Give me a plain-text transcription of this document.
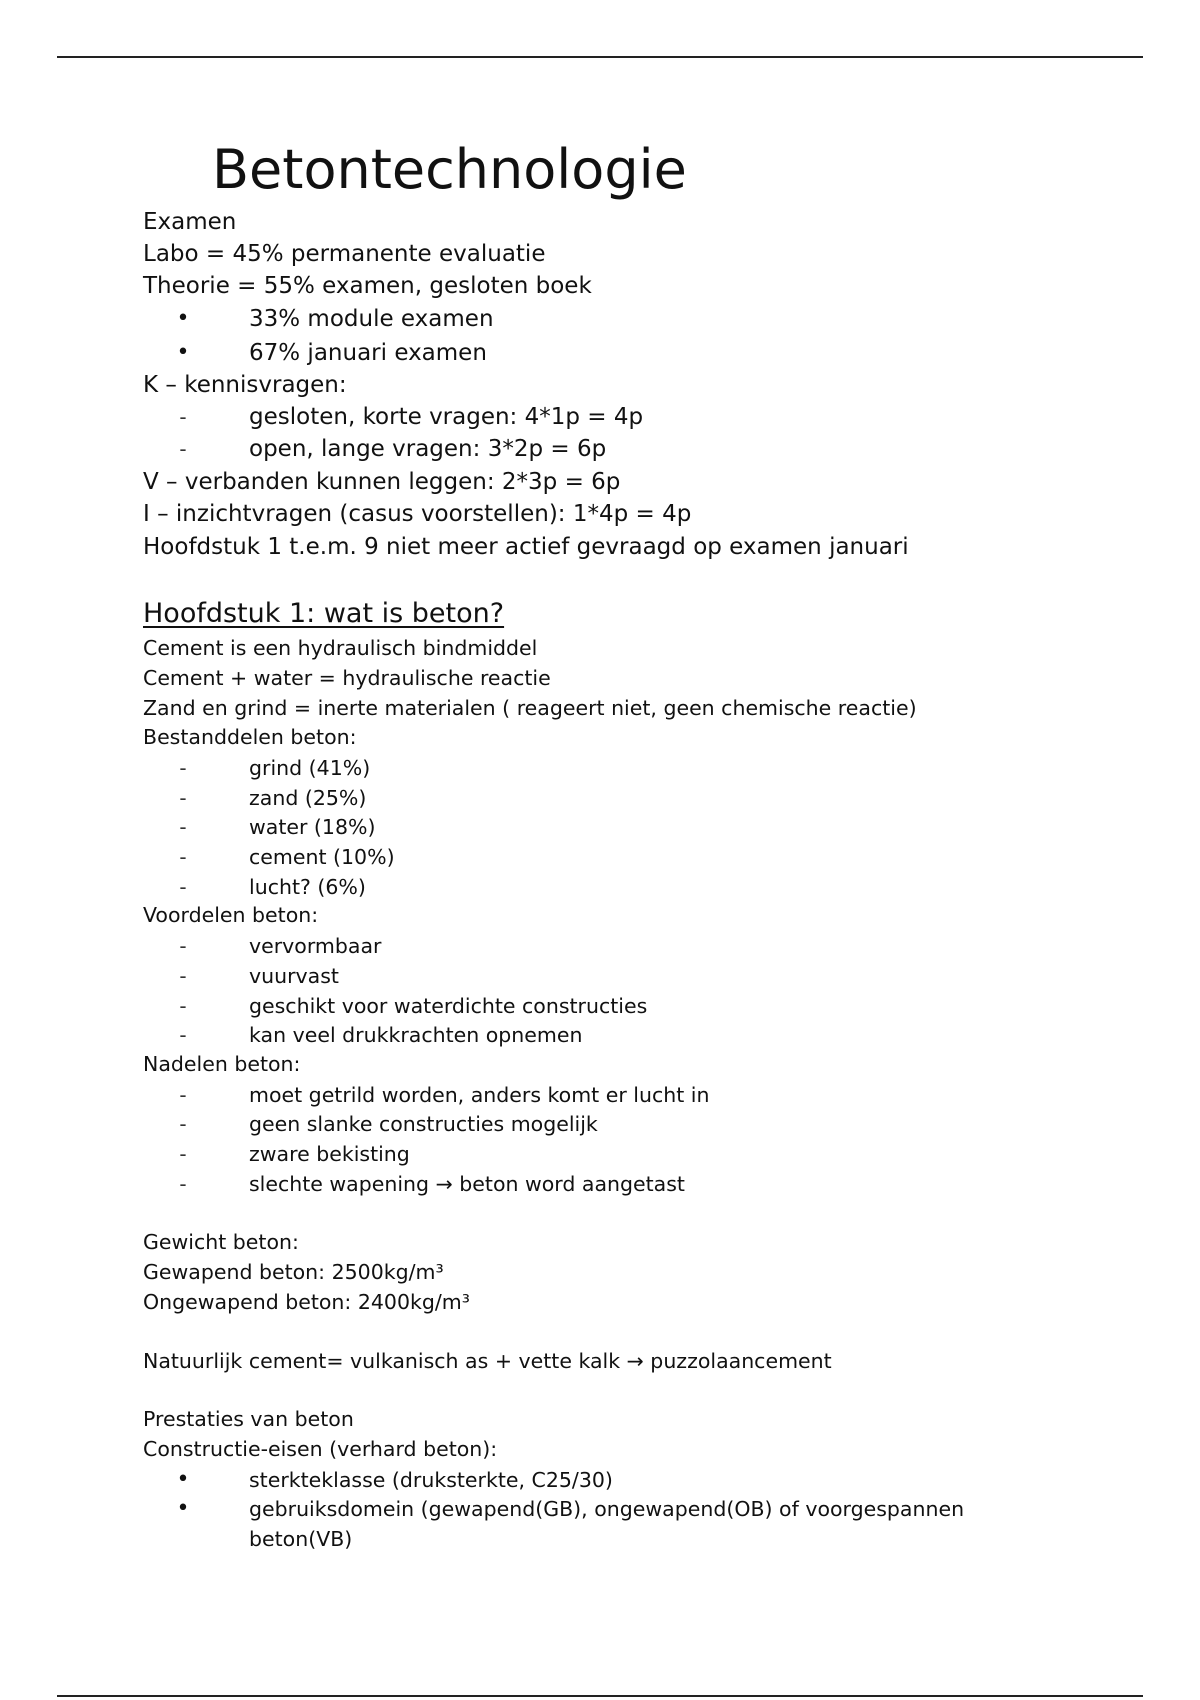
Betontechnologie
Examen
Labo = 45% permanente evaluatie
Theorie = 55% examen, gesloten boek
•	33% module examen
•	67% januari examen
K – kennisvragen:
-	gesloten, korte vragen: 4*1p = 4p
-	open, lange vragen: 3*2p = 6p
V – verbanden kunnen leggen: 2*3p = 6p
I – inzichtvragen (casus voorstellen): 1*4p = 4p
Hoofdstuk 1 t.e.m. 9 niet meer actief gevraagd op examen januari
Hoofdstuk 1: wat is beton?
Cement is een hydraulisch bindmiddel
Cement + water = hydraulische reactie
Zand en grind = inerte materialen ( reageert niet, geen chemische reactie)
Bestanddelen beton:
-	grind (41%)
-	zand (25%)
-	water (18%)
-	cement (10%)
-	lucht? (6%)
Voordelen beton:
-	vervormbaar
-	vuurvast
-	geschikt voor waterdichte constructies
-	kan veel drukkrachten opnemen
Nadelen beton:
-	moet getrild worden, anders komt er lucht in
-	geen slanke constructies mogelijk
-	zware bekisting
-	slechte wapening → beton word aangetast
Gewicht beton:
Gewapend beton: 2500kg/m³
Ongewapend beton: 2400kg/m³
Natuurlijk cement= vulkanisch as + vette kalk → puzzolaancement
Prestaties van beton
Constructie-eisen (verhard beton):
•	sterkteklasse (druksterkte, C25/30)
•	gebruiksdomein (gewapend(GB), ongewapend(OB) of voorgespannen
beton(VB)
